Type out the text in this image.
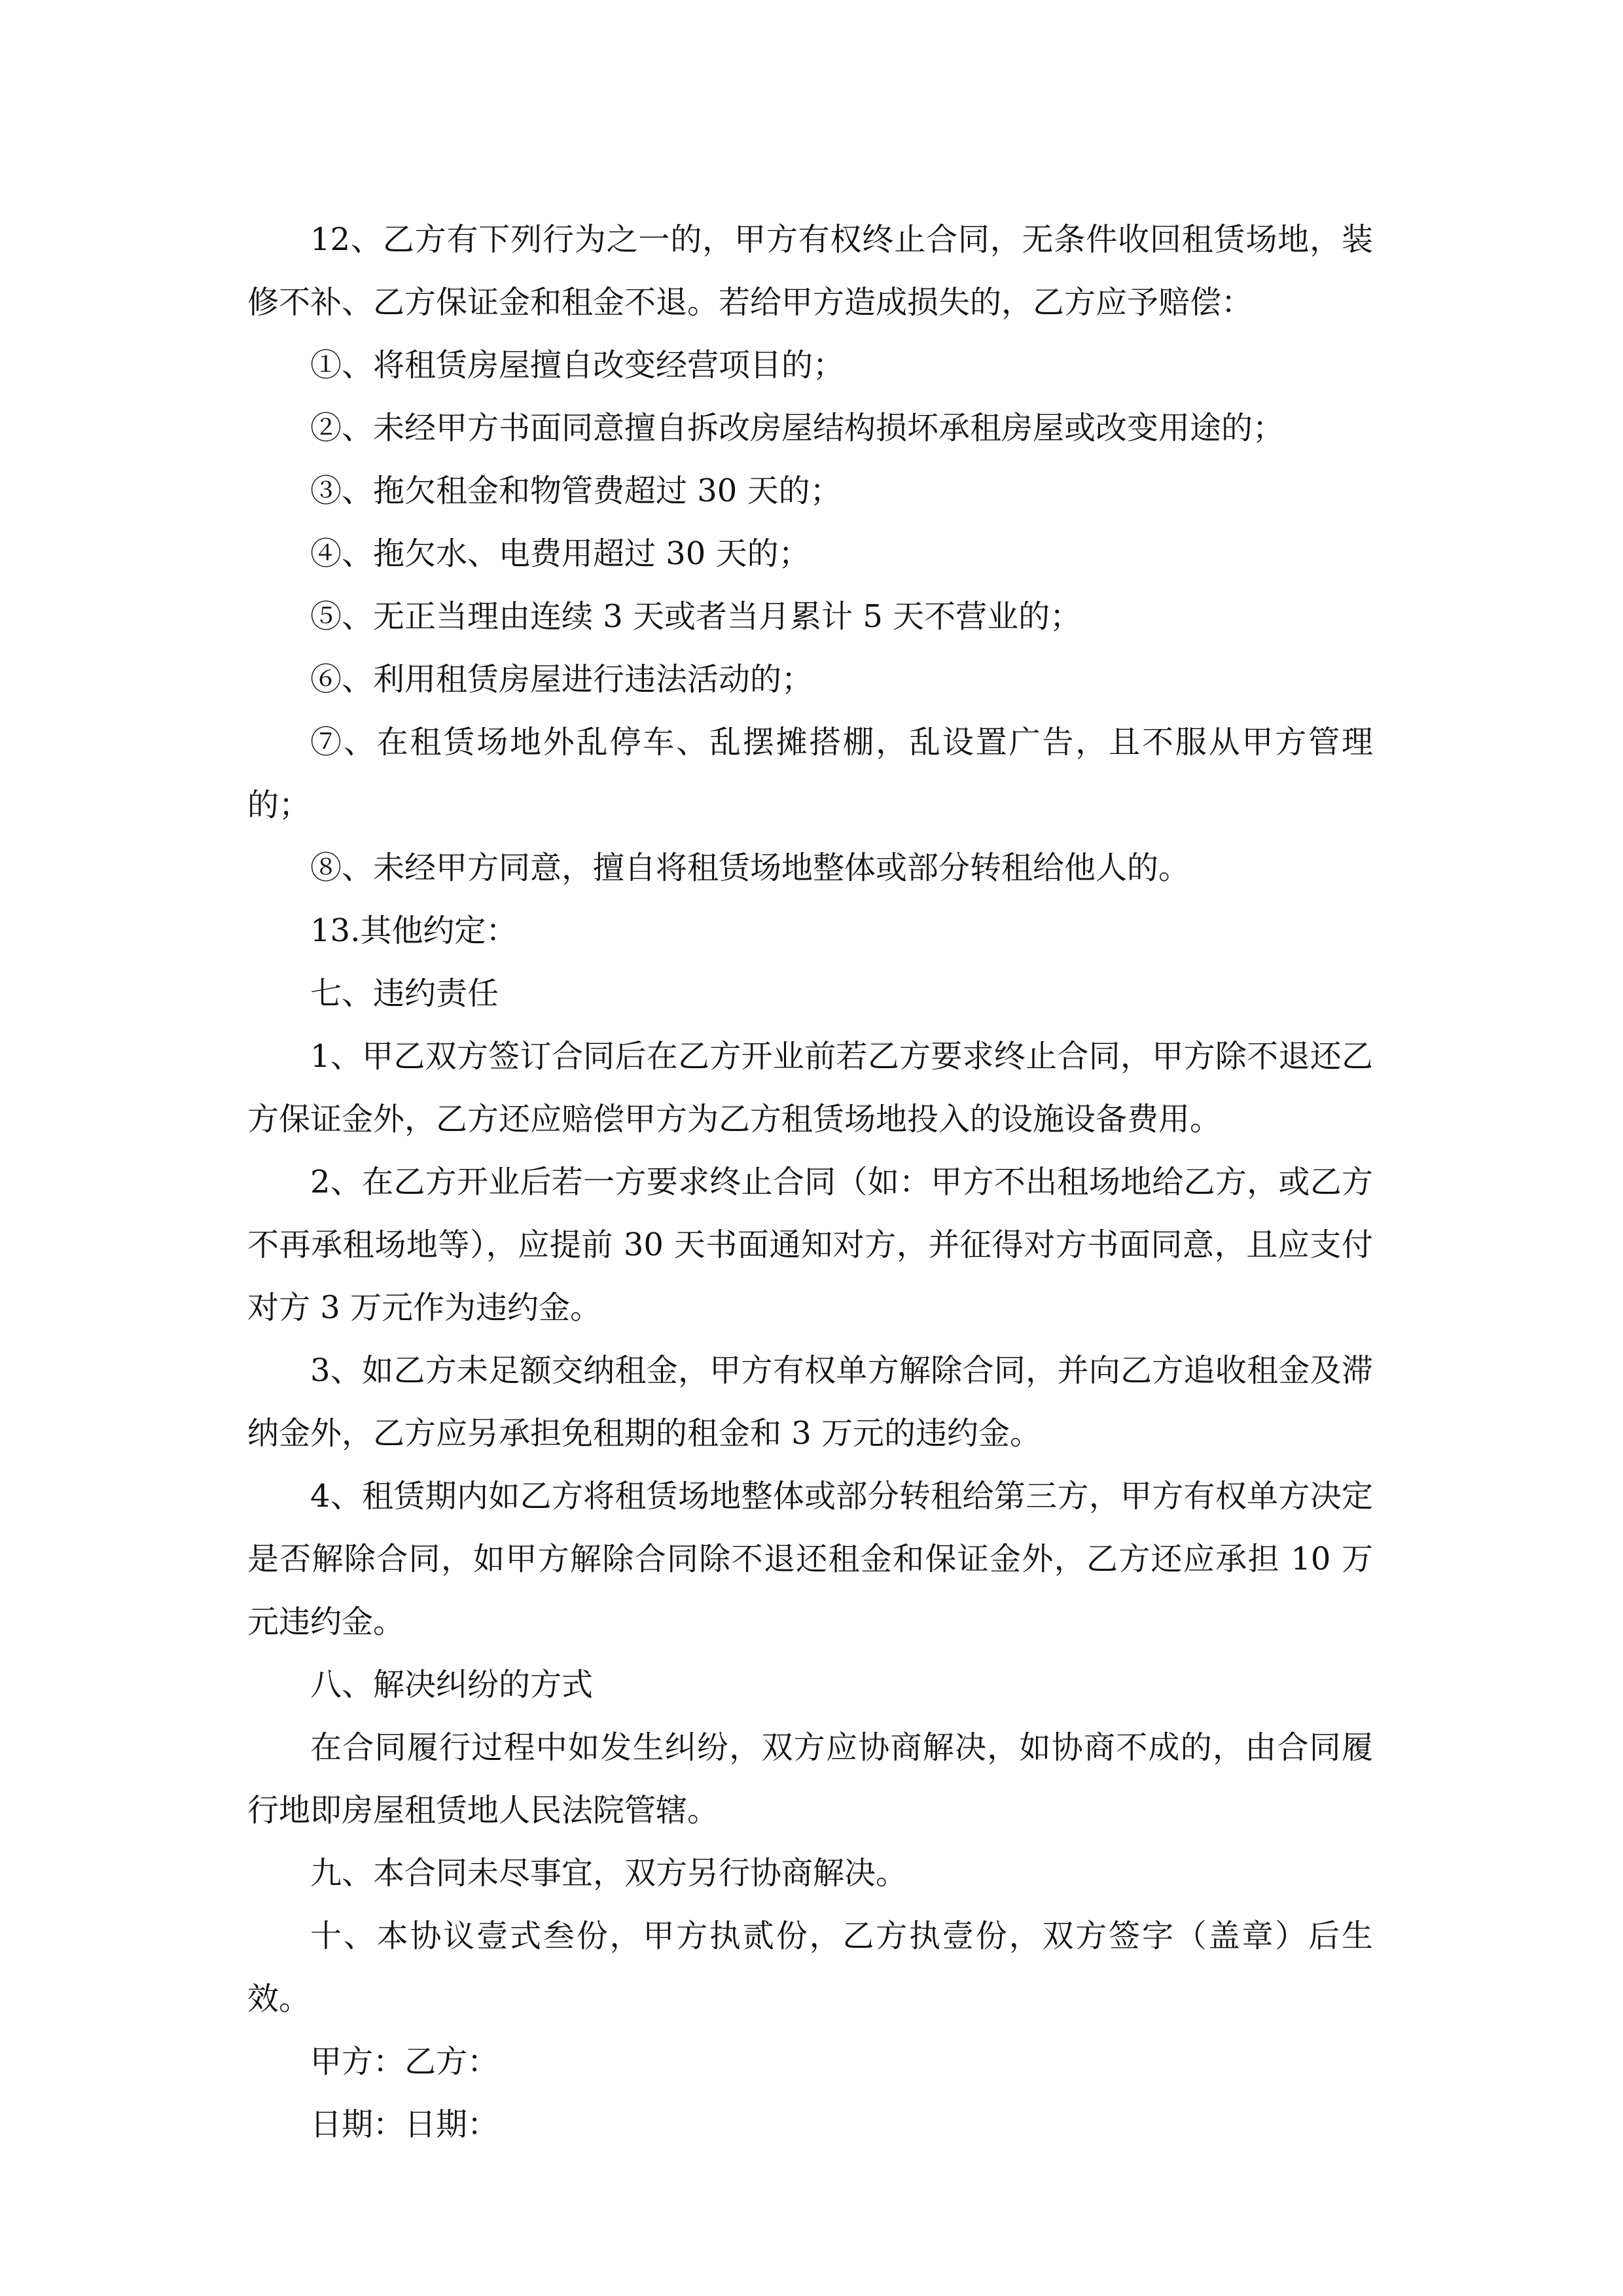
12、乙方有下列行为之一的，甲方有权终止合同，无条件收回租赁场地，装修不补、乙方保证金和租金不退。若给甲方造成损失的，乙方应予赔偿：

①、将租赁房屋擅自改变经营项目的；

②、未经甲方书面同意擅自拆改房屋结构损坏承租房屋或改变用途的；

③、拖欠租金和物管费超过 30 天的；

④、拖欠水、电费用超过 30 天的；

⑤、无正当理由连续 3 天或者当月累计 5 天不营业的；

⑥、利用租赁房屋进行违法活动的；

⑦、在租赁场地外乱停车、乱摆摊搭棚，乱设置广告，且不服从甲方管理的；

⑧、未经甲方同意，擅自将租赁场地整体或部分转租给他人的。

13.其他约定：

七、违约责任

1、甲乙双方签订合同后在乙方开业前若乙方要求终止合同，甲方除不退还乙方保证金外，乙方还应赔偿甲方为乙方租赁场地投入的设施设备费用。

2、在乙方开业后若一方要求终止合同（如：甲方不出租场地给乙方，或乙方不再承租场地等），应提前 30 天书面通知对方，并征得对方书面同意，且应支付对方 3 万元作为违约金。

3、如乙方未足额交纳租金，甲方有权单方解除合同，并向乙方追收租金及滞纳金外，乙方应另承担免租期的租金和 3 万元的违约金。

4、租赁期内如乙方将租赁场地整体或部分转租给第三方，甲方有权单方决定是否解除合同，如甲方解除合同除不退还租金和保证金外，乙方还应承担 10 万元违约金。

八、解决纠纷的方式

在合同履行过程中如发生纠纷，双方应协商解决，如协商不成的，由合同履行地即房屋租赁地人民法院管辖。

九、本合同未尽事宜，双方另行协商解决。

十、本协议壹式叁份，甲方执贰份，乙方执壹份，双方签字（盖章）后生效。

甲方：乙方：

日期：日期：
